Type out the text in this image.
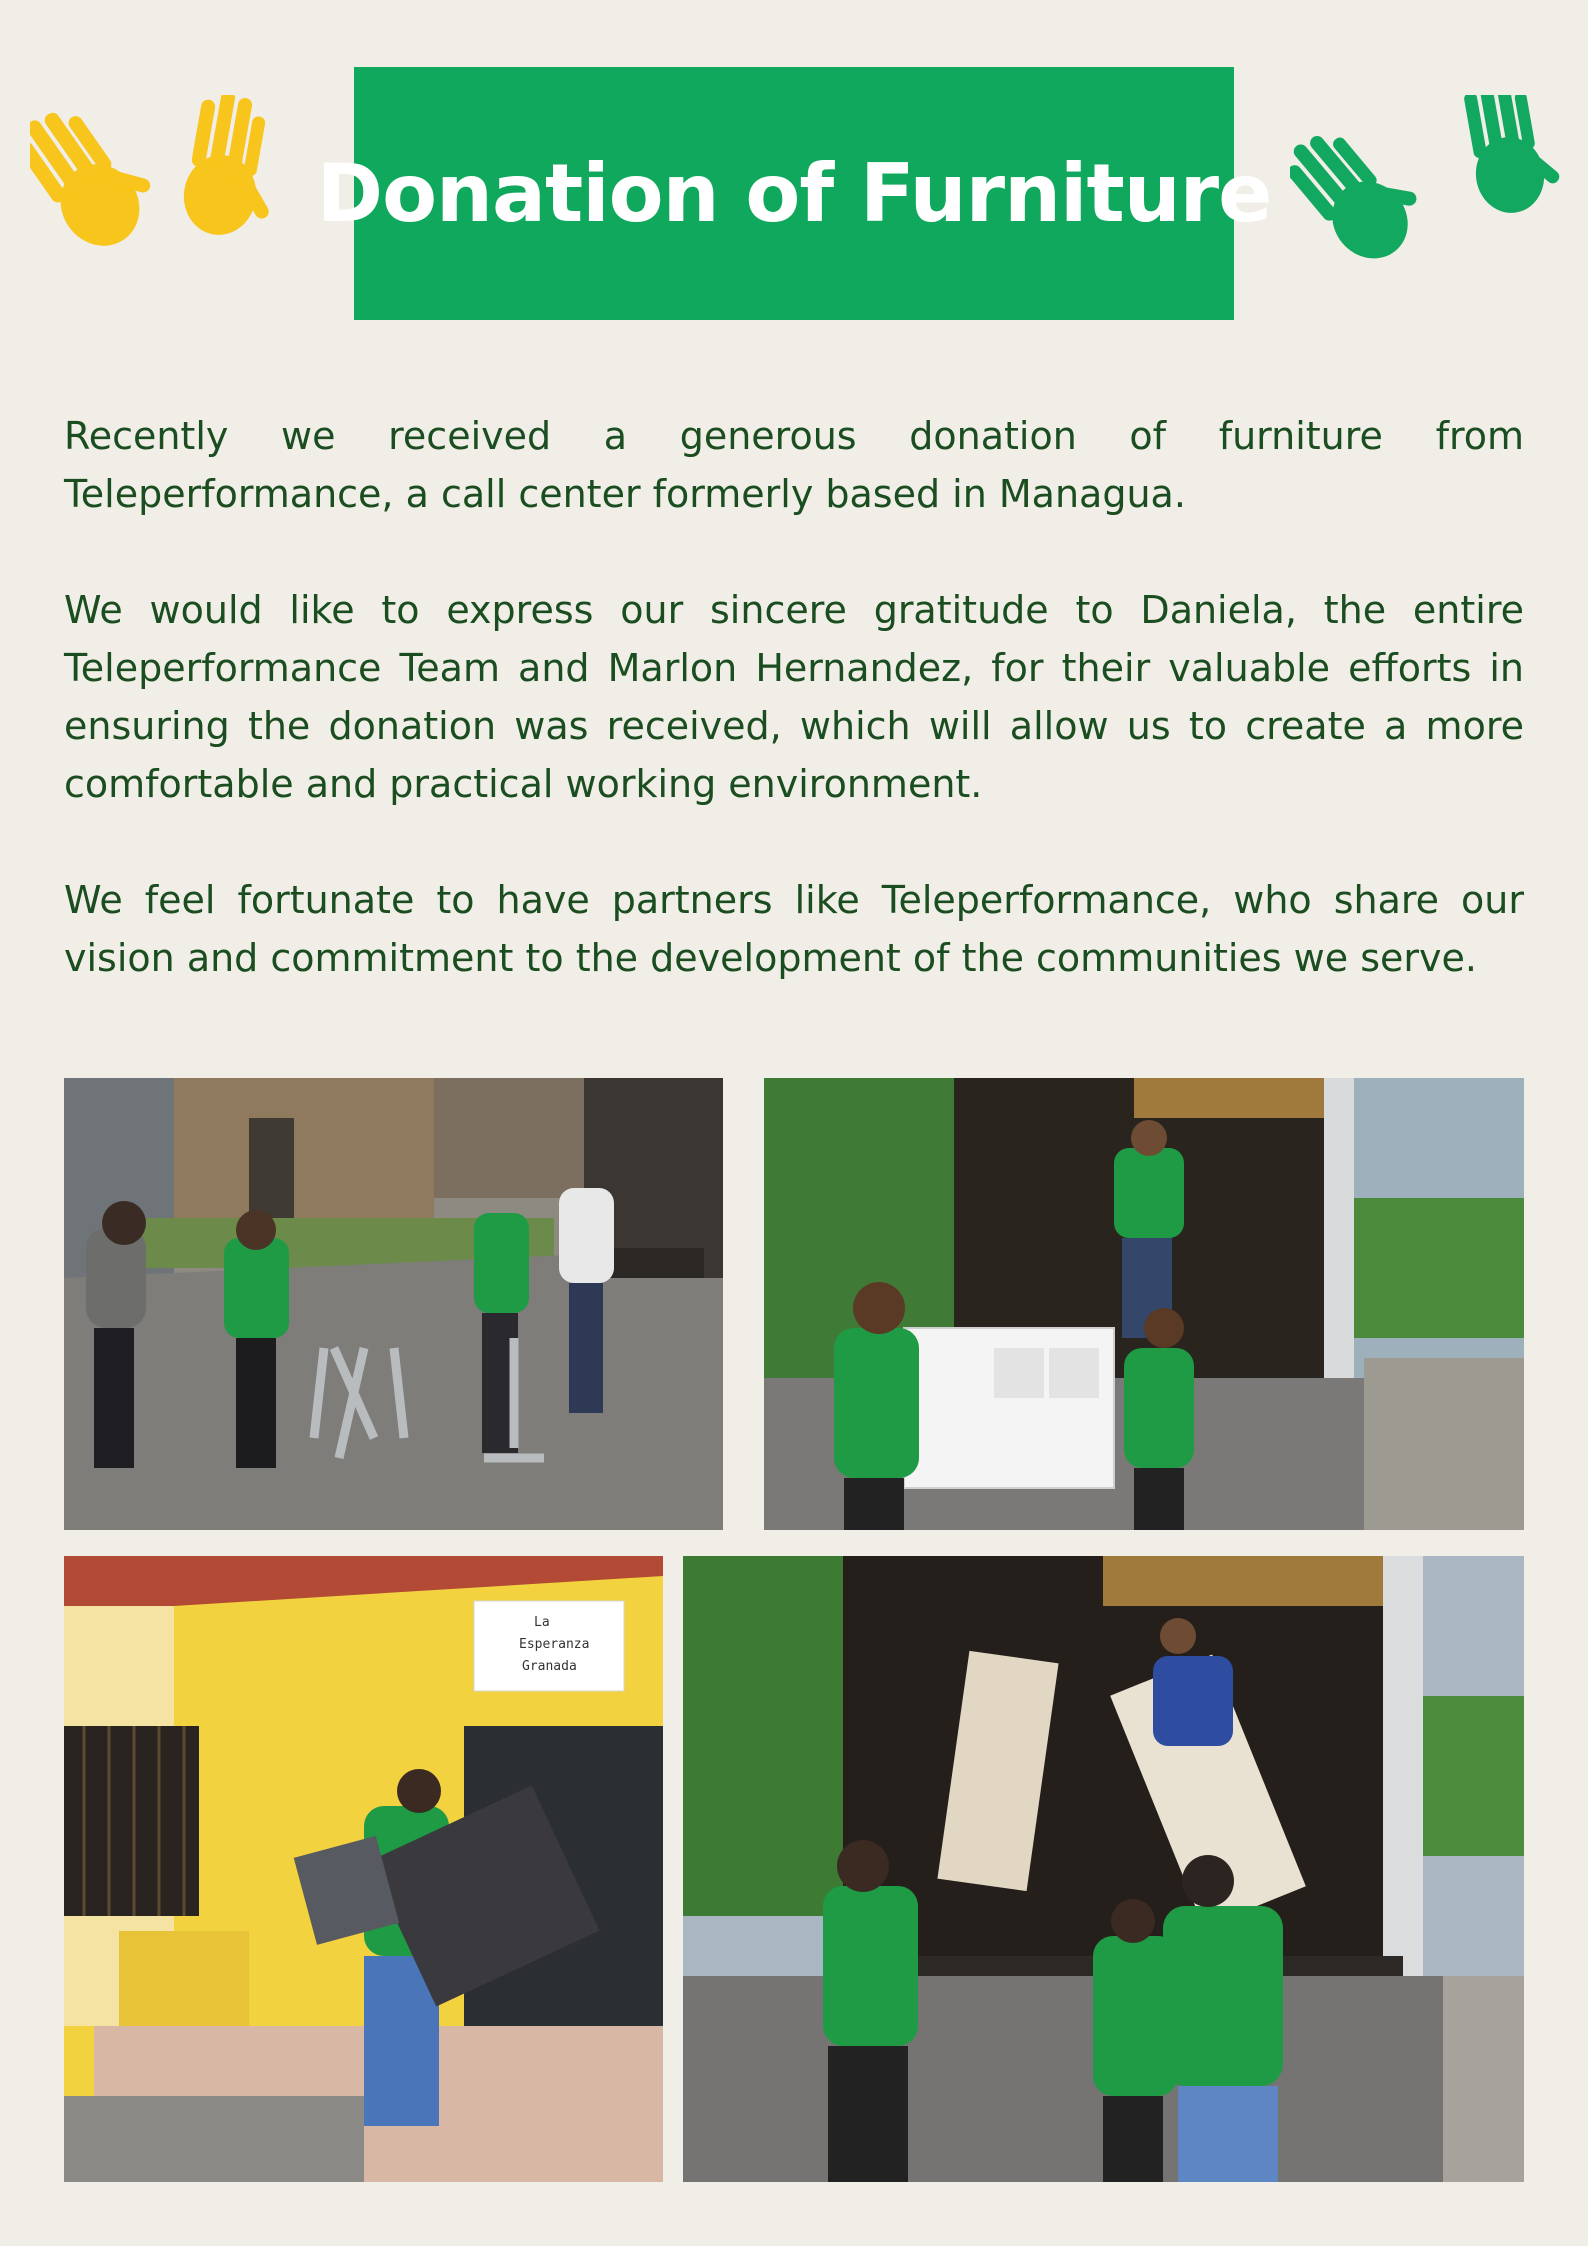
Donation of Furniture
Recently we received a generous donation of furniture from Teleperformance, a call center formerly based in Managua.
We would like to express our sincere gratitude to Daniela, the entire Teleperformance Team and Marlon Hernandez, for their valuable efforts in ensuring the donation was received, which will allow us to create a more comfortable and practical working environment.
We feel fortunate to have partners like Teleperformance, who share our vision and commitment to the development of the communities we serve.
La
Esperanza
Granada
